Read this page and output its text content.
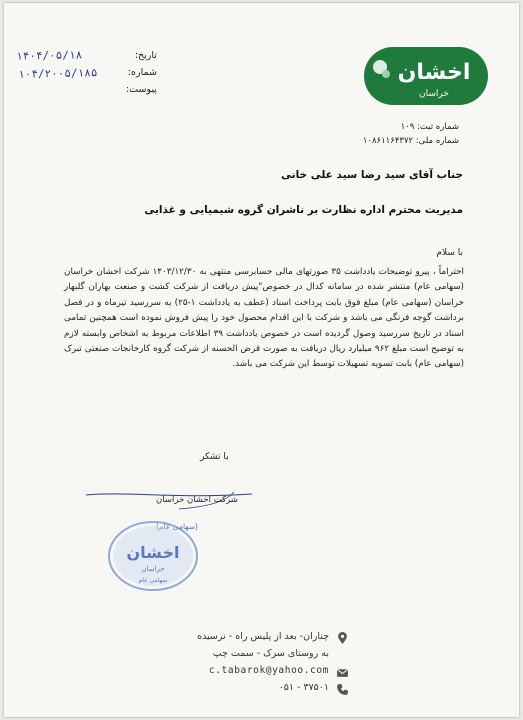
اخشان
خراسان
شماره ثبت: ۱۰۹
شماره ملی: ۱۰۸۶۱۱۶۴۳۷۲
تاریخ:
شماره:
پیوست:
۱۴۰۴/۰۵/۱۸
۱۰۴/۲۰۰۵/۱۸۵
جناب آقای سید رضا سید علی خانی
مدیریت محترم اداره نظارت بر ناشران گروه شیمیایی و غذایی
با سلام
احتراماً ، پیرو توضیحات یادداشت ۳۵ صورتهای مالی حسابرسی منتهی به ۱۴۰۳/۱۲/۳۰ شرکت اخشان خراسان (سهامی عام) منتشر شده در سامانه کدال در خصوص"پیش دریافت از شرکت کشت و صنعت بهاران گلبهار خراسان (سهامی عام) مبلغ فوق بابت پرداخت اسناد (عطف به یادداشت ۱-۲۵) به سررسید تیرماه و در فصل برداشت گوجه فرنگی می باشد و شرکت با این اقدام محصول خود را پیش فروش نموده است همچنین تمامی اسناد در تاریخ سررسید وصول گردیده است در خصوص یادداشت ۳۹ اطلاعات مربوط به اشخاص وابسته لازم به توضیح است مبلغ ۹۶۲ میلیارد ریال دریافت به صورت قرض الحسنه از شرکت گروه کارخانجات صنعتی تبرک (سهامی عام) بابت تسویه تسهیلات توسط این شرکت می باشد.
با تشکر
شرکت اخشان خراسان
(سهامی عام)
اخشان
خراسان
سهامی عام
چناران- بعد از پلیس راه - نرسیده
به روستای سرک - سمت چپ
c.tabarok@yahoo.com
۰۵۱ - ۳۷۵۰۱
